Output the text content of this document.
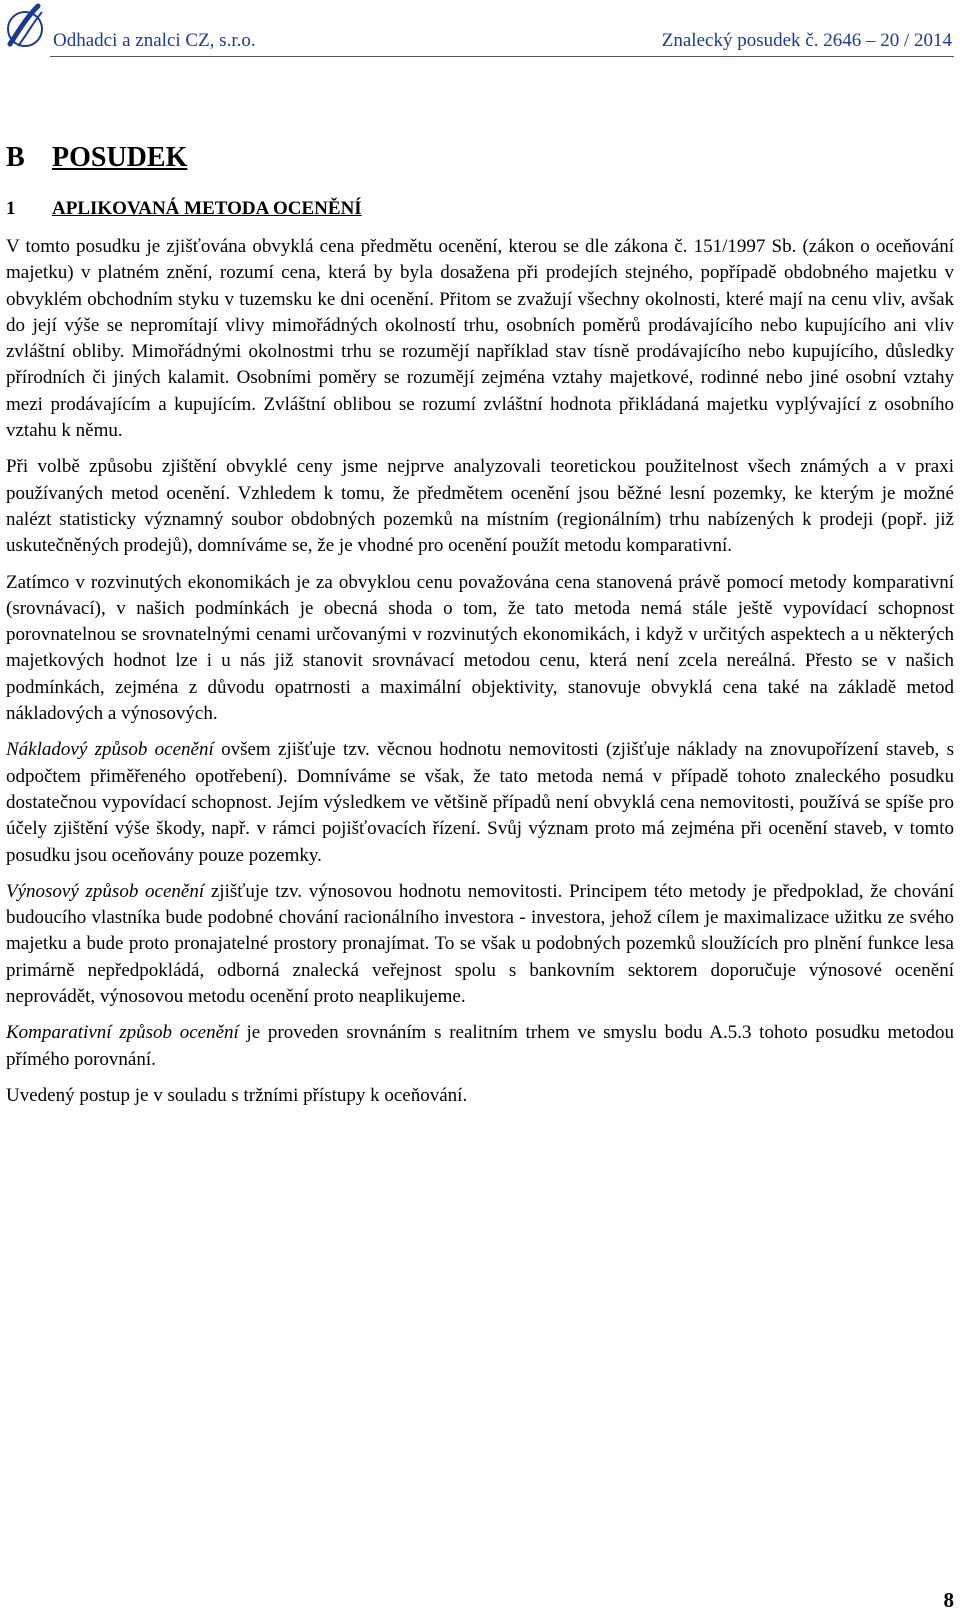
Odhadci a znalci CZ, s.r.o.	Znalecký posudek č. 2646 – 20 / 2014
B POSUDEK
1	APLIKOVANÁ METODA OCENĚNÍ

V tomto posudku je zjišťována obvyklá cena předmětu ocenění, kterou se dle zákona č. 151/1997 Sb. (zákon o oceňování majetku) v platném znění, rozumí cena, která by byla dosažena při prodejích stejného, popřípadě obdobného majetku v obvyklém obchodním styku v tuzemsku ke dni ocenění. Přitom se zvažují všechny okolnosti, které mají na cenu vliv, avšak do její výše se nepromítají vlivy mimořádných okolností trhu, osobních poměrů prodávajícího nebo kupujícího ani vliv zvláštní obliby. Mimořádnými okolnostmi trhu se rozumějí například stav tísně prodávajícího nebo kupujícího, důsledky přírodních či jiných kalamit. Osobními poměry se rozumějí zejména vztahy majetkové, rodinné nebo jiné osobní vztahy mezi prodávajícím a kupujícím. Zvláštní oblibou se rozumí zvláštní hodnota přikládaná majetku vyplývající z osobního vztahu k němu.

Při volbě způsobu zjištění obvyklé ceny jsme nejprve analyzovali teoretickou použitelnost všech známých a v praxi používaných metod ocenění. Vzhledem k tomu, že předmětem ocenění jsou běžné lesní pozemky, ke kterým je možné nalézt statisticky významný soubor obdobných pozemků na místním (regionálním) trhu nabízených k prodeji (popř. již uskutečněných prodejů), domníváme se, že je vhodné pro ocenění použít metodu komparativní.

Zatímco v rozvinutých ekonomikách je za obvyklou cenu považována cena stanovená právě pomocí metody komparativní (srovnávací), v našich podmínkách je obecná shoda o tom, že tato metoda nemá stále ještě vypovídací schopnost porovnatelnou se srovnatelnými cenami určovanými v rozvinutých ekonomikách, i když v určitých aspektech a u některých majetkových hodnot lze i u nás již stanovit srovnávací metodou cenu, která není zcela nereálná. Přesto se v našich podmínkách, zejména z důvodu opatrnosti a maximální objektivity, stanovuje obvyklá cena také na základě metod nákladových a výnosových.

Nákladový způsob ocenění ovšem zjišťuje tzv. věcnou hodnotu nemovitosti (zjišťuje náklady na znovupořízení staveb, s odpočtem přiměřeného opotřebení). Domníváme se však, že tato metoda nemá v případě tohoto znaleckého posudku dostatečnou vypovídací schopnost. Jejím výsledkem ve většině případů není obvyklá cena nemovitosti, používá se spíše pro účely zjištění výše škody, např. v rámci pojišťovacích řízení. Svůj význam proto má zejména při ocenění staveb, v tomto posudku jsou oceňovány pouze pozemky.

Výnosový způsob ocenění zjišťuje tzv. výnosovou hodnotu nemovitosti. Principem této metody je předpoklad, že chování budoucího vlastníka bude podobné chování racionálního investora - investora, jehož cílem je maximalizace užitku ze svého majetku a bude proto pronajatelné prostory pronajímat. To se však u podobných pozemků sloužících pro plnění funkce lesa primárně nepředpokládá, odborná znalecká veřejnost spolu s bankovním sektorem doporučuje výnosové ocenění neprovádět, výnosovou metodu ocenění proto neaplikujeme.

Komparativní způsob ocenění je proveden srovnáním s realitním trhem ve smyslu bodu A.5.3 tohoto posudku metodou přímého porovnání.

Uvedený postup je v souladu s tržními přístupy k oceňování.

8
